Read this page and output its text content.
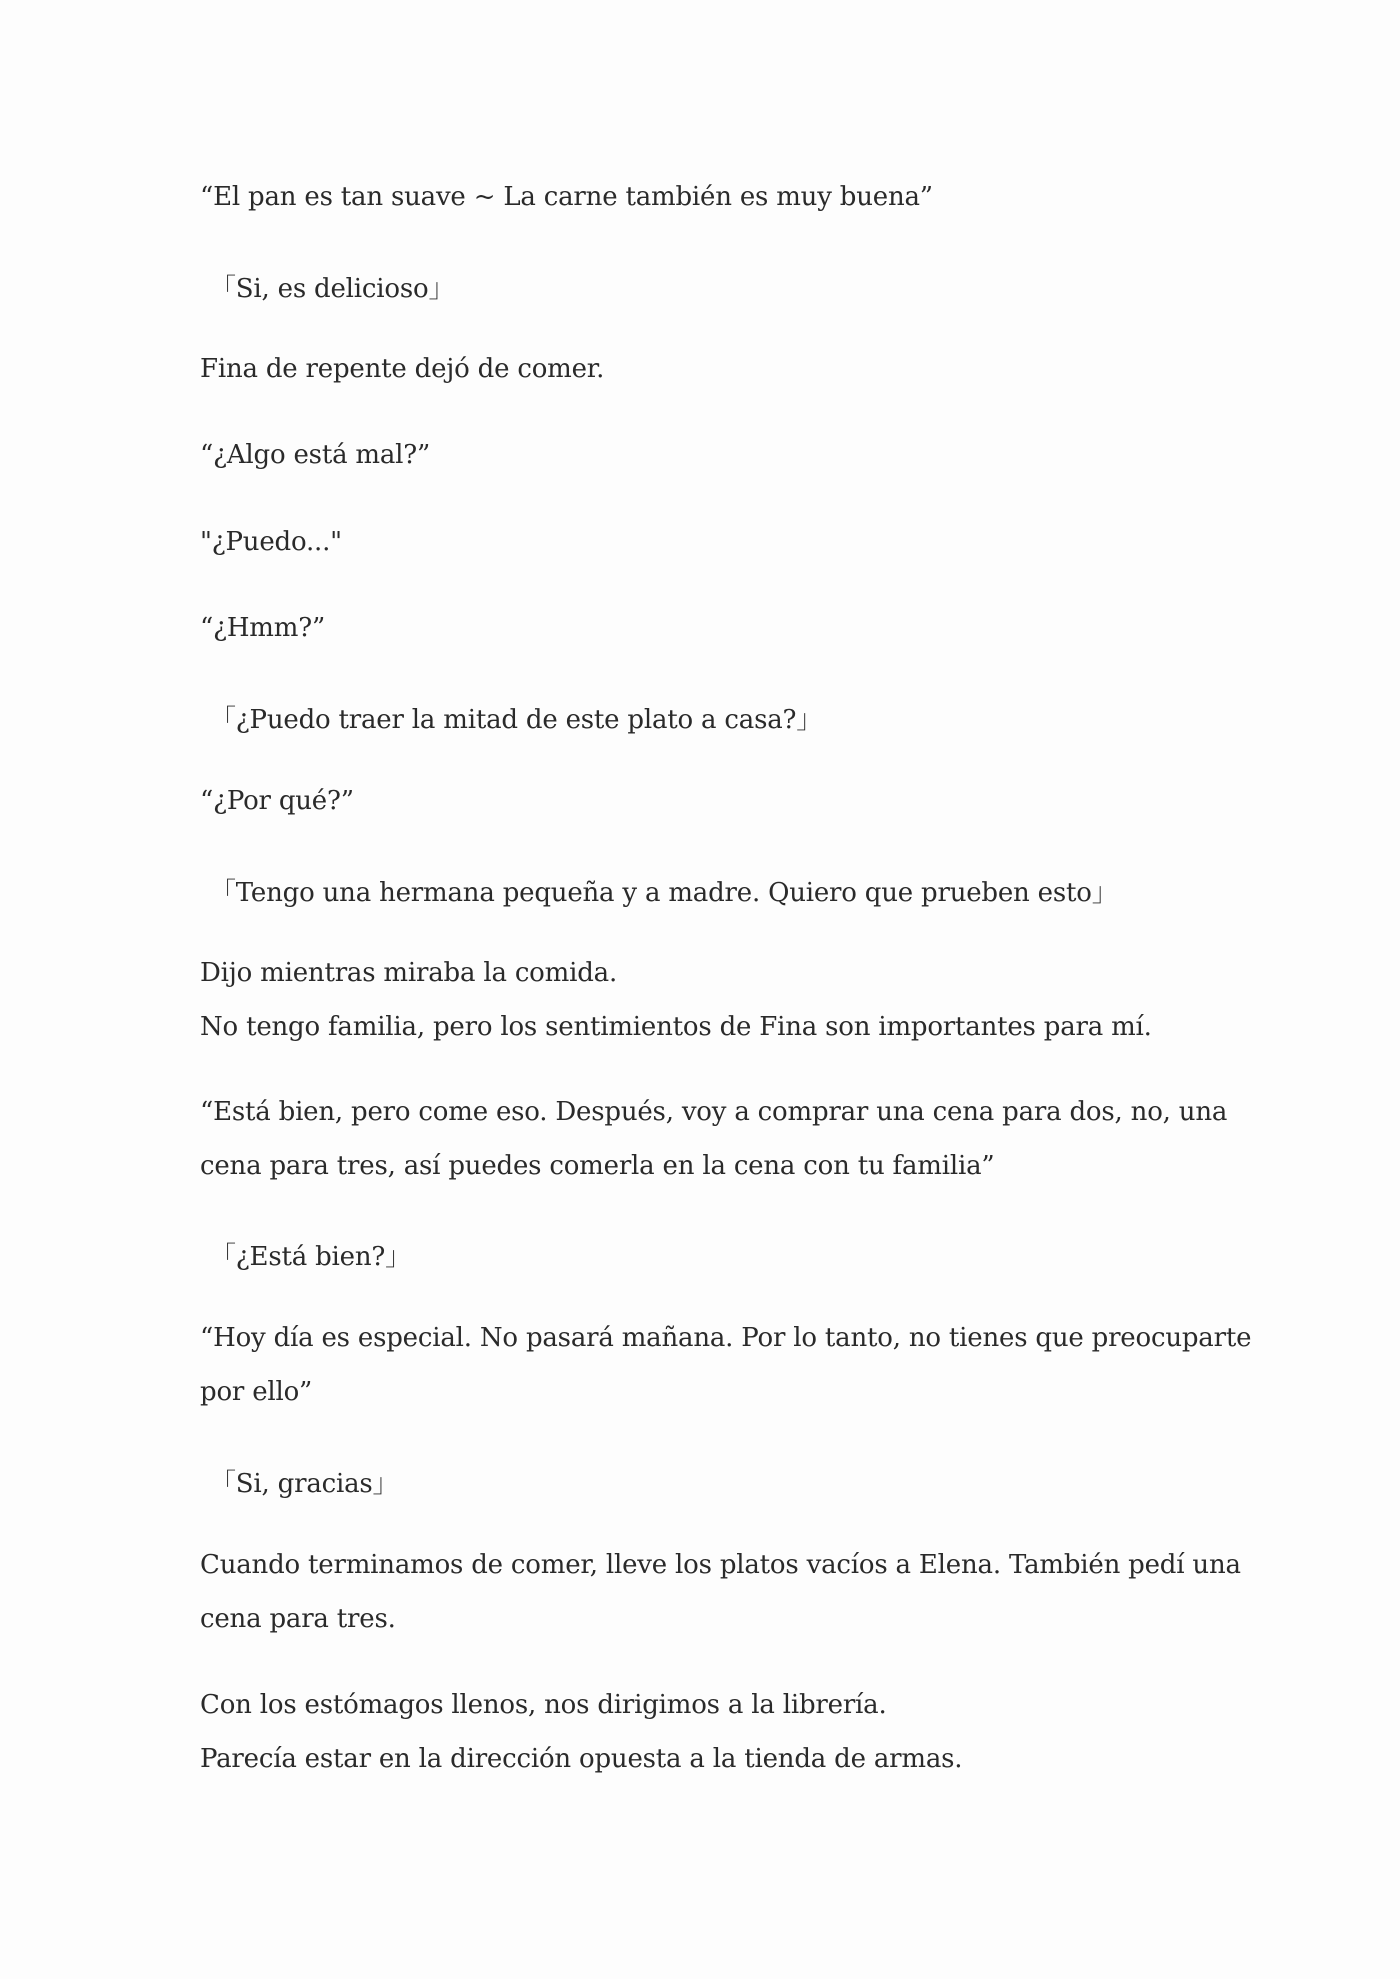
“El pan es tan suave ~ La carne también es muy buena”
「Si, es delicioso」
Fina de repente dejó de comer.
“¿Algo está mal?”
"¿Puedo..."
“¿Hmm?”
「¿Puedo traer la mitad de este plato a casa?」
“¿Por qué?”
「Tengo una hermana pequeña y a madre. Quiero que prueben esto」
Dijo mientras miraba la comida.
No tengo familia, pero los sentimientos de Fina son importantes para mí.
“Está bien, pero come eso. Después, voy a comprar una cena para dos, no, una
cena para tres, así puedes comerla en la cena con tu familia”
「¿Está bien?」
“Hoy día es especial. No pasará mañana. Por lo tanto, no tienes que preocuparte
por ello”
「Si, gracias」
Cuando terminamos de comer, lleve los platos vacíos a Elena. También pedí una
cena para tres.
Con los estómagos llenos, nos dirigimos a la librería.
Parecía estar en la dirección opuesta a la tienda de armas.
